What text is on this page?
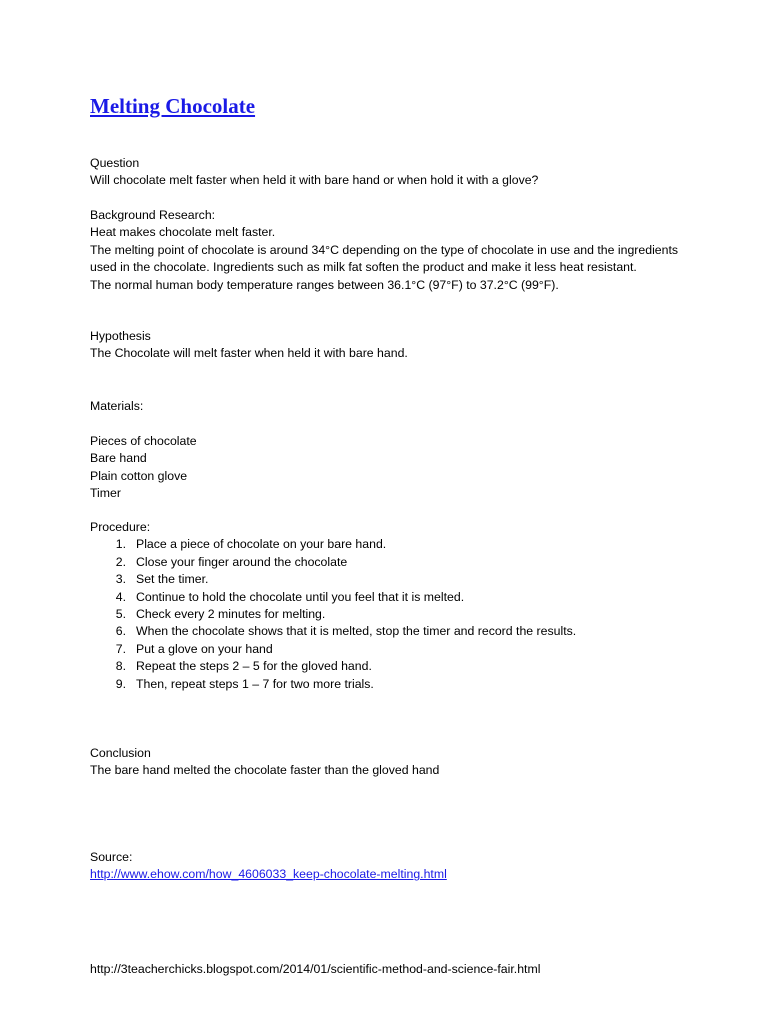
Melting Chocolate
Question
Will chocolate melt faster when held it with bare hand or when hold it with a glove?
Background Research:
Heat makes chocolate melt faster.
The melting point of chocolate is around 34°C depending on the type of chocolate in use and the ingredients used in the chocolate. Ingredients such as milk fat soften the product and make it less heat resistant.
The normal human body temperature ranges between 36.1°C (97°F) to 37.2°C (99°F).
Hypothesis
The Chocolate will melt faster when held it with bare hand.
Materials:
Pieces of chocolate
Bare hand
Plain cotton glove
Timer
Procedure:
1. Place a piece of chocolate on your bare hand.
2. Close your finger around the chocolate
3. Set the timer.
4. Continue to hold the chocolate until you feel that it is melted.
5. Check every 2 minutes for melting.
6. When the chocolate shows that it is melted, stop the timer and record the results.
7. Put a glove on your hand
8. Repeat the steps 2 – 5 for the gloved hand.
9. Then, repeat steps 1 – 7 for two more trials.
Conclusion
The bare hand melted the chocolate faster than the gloved hand
Source:
http://www.ehow.com/how_4606033_keep-chocolate-melting.html
http://3teacherchicks.blogspot.com/2014/01/scientific-method-and-science-fair.html
